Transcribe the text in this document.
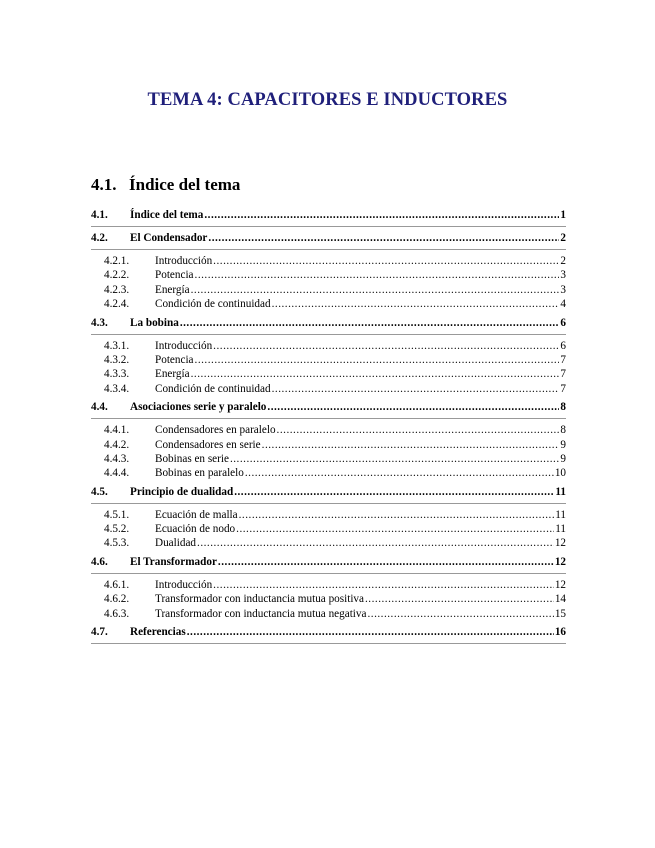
TEMA 4: CAPACITORES E INDUCTORES
4.1. Índice del tema
4.1.	Índice del tema .....	1
4.2.	El Condensador .....	2
4.2.1.	Introducción .....	2
4.2.2.	Potencia .....	3
4.2.3.	Energía .....	3
4.2.4.	Condición de continuidad .....	4
4.3.	La bobina .....	6
4.3.1.	Introducción .....	6
4.3.2.	Potencia .....	7
4.3.3.	Energía .....	7
4.3.4.	Condición de continuidad .....	7
4.4.	Asociaciones serie y paralelo .....	8
4.4.1.	Condensadores en paralelo .....	8
4.4.2.	Condensadores en serie .....	9
4.4.3.	Bobinas en serie .....	9
4.4.4.	Bobinas en paralelo .....	10
4.5.	Principio de dualidad .....	11
4.5.1.	Ecuación de malla .....	11
4.5.2.	Ecuación de nodo .....	11
4.5.3.	Dualidad .....	12
4.6.	El Transformador .....	12
4.6.1.	Introducción .....	12
4.6.2.	Transformador con inductancia mutua positiva .....	14
4.6.3.	Transformador con inductancia mutua negativa .....	15
4.7.	Referencias .....	16
